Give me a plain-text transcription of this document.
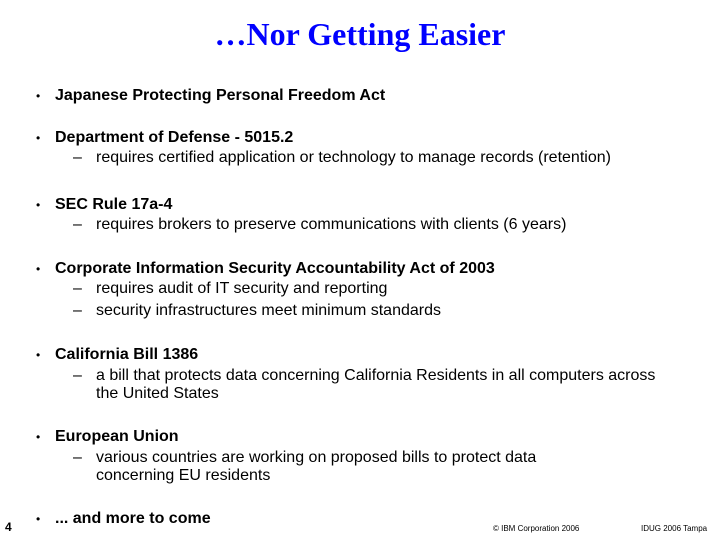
…Nor Getting Easier
• Japanese Protecting Personal Freedom Act
• Department of Defense - 5015.2
– requires certified application or technology to manage records (retention)
• SEC Rule 17a-4
– requires brokers to preserve communications with clients (6 years)
• Corporate Information Security Accountability Act of 2003
– requires audit of IT security and reporting
– security infrastructures meet minimum standards
• California Bill 1386
– a bill that protects data concerning California Residents in all computers across the United States
• European Union
– various countries are working on proposed bills to protect data concerning EU residents
• ... and more to come
4	© IBM Corporation 2006	IDUG 2006 Tampa
